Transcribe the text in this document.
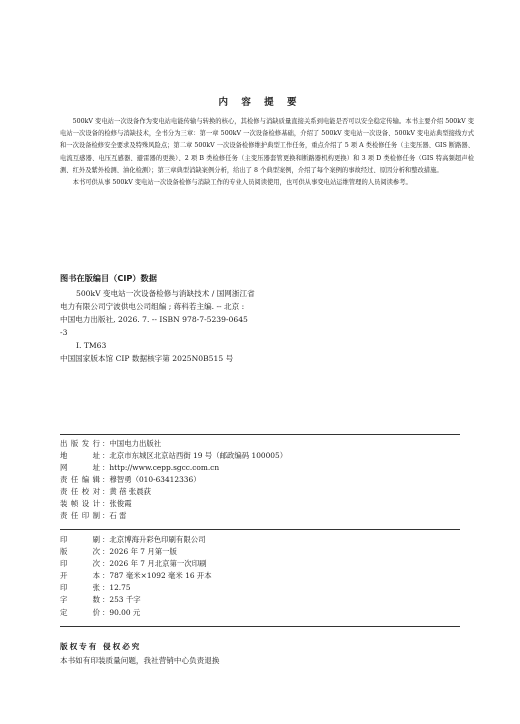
内 容 提 要

500kV 变电站一次设备作为变电站电能传输与转换的核心，其检修与消缺质量直接关系到电能是否可以安全稳定传输。本书主要介绍 500kV 变电站一次设备的检修与消缺技术，全书分为三章：第一章 500kV 一次设备检修基础，介绍了 500kV 变电站一次设备、500kV 变电站典型接线方式和一次设备检修安全要求及特殊风险点；第二章 500kV 一次设备检修维护典型工作任务，重点介绍了 5 项 A 类检修任务（主变压器、GIS 断路器、电流互感器、电压互感器、避雷器的更换）、2 项 B 类检修任务（主变压器套管更换和断路器机构更换）和 3 项 D 类检修任务（GIS 特高频超声检测、红外及紫外检测、油化检测）；第三章典型消缺案例分析，给出了 8 个典型案例，介绍了每个案例的事故经过、原因分析和整改措施。

本书可供从事 500kV 变电站一次设备检修与消缺工作的专业人员阅读使用，也可供从事变电站运维管理的人员阅读参考。

图书在版编目（CIP）数据
500kV 变电站一次设备检修与消缺技术 / 国网浙江省
电力有限公司宁波供电公司组编 ; 蒋科若主编. -- 北京 :
中国电力出版社, 2026. 7. -- ISBN 978-7-5239-0645
-3
Ⅰ. TM63
中国国家版本馆 CIP 数据核字第 2025N0B515 号
出版发行 ：中国电力出版社
地址 ：北京市东城区北京站西街 19 号（邮政编码 100005）
网址 ：http://www.cepp.sgcc.com.cn
责任编辑 ：穆智勇（010-63412336）
责任校对 ：黄 蓓 张晨荻
装帧设计 ：张俊霞
责任印制 ：石 雷
印刷 ：北京博海升彩色印刷有限公司
版次 ：2026 年 7 月第一版
印次 ：2026 年 7 月北京第一次印刷
开本 ：787 毫米×1092 毫米 16 开本
印张 ：12.75
字数 ：253 千字
定价 ：90.00 元
版权专有 侵权必究
本书如有印装质量问题，我社营销中心负责退换
